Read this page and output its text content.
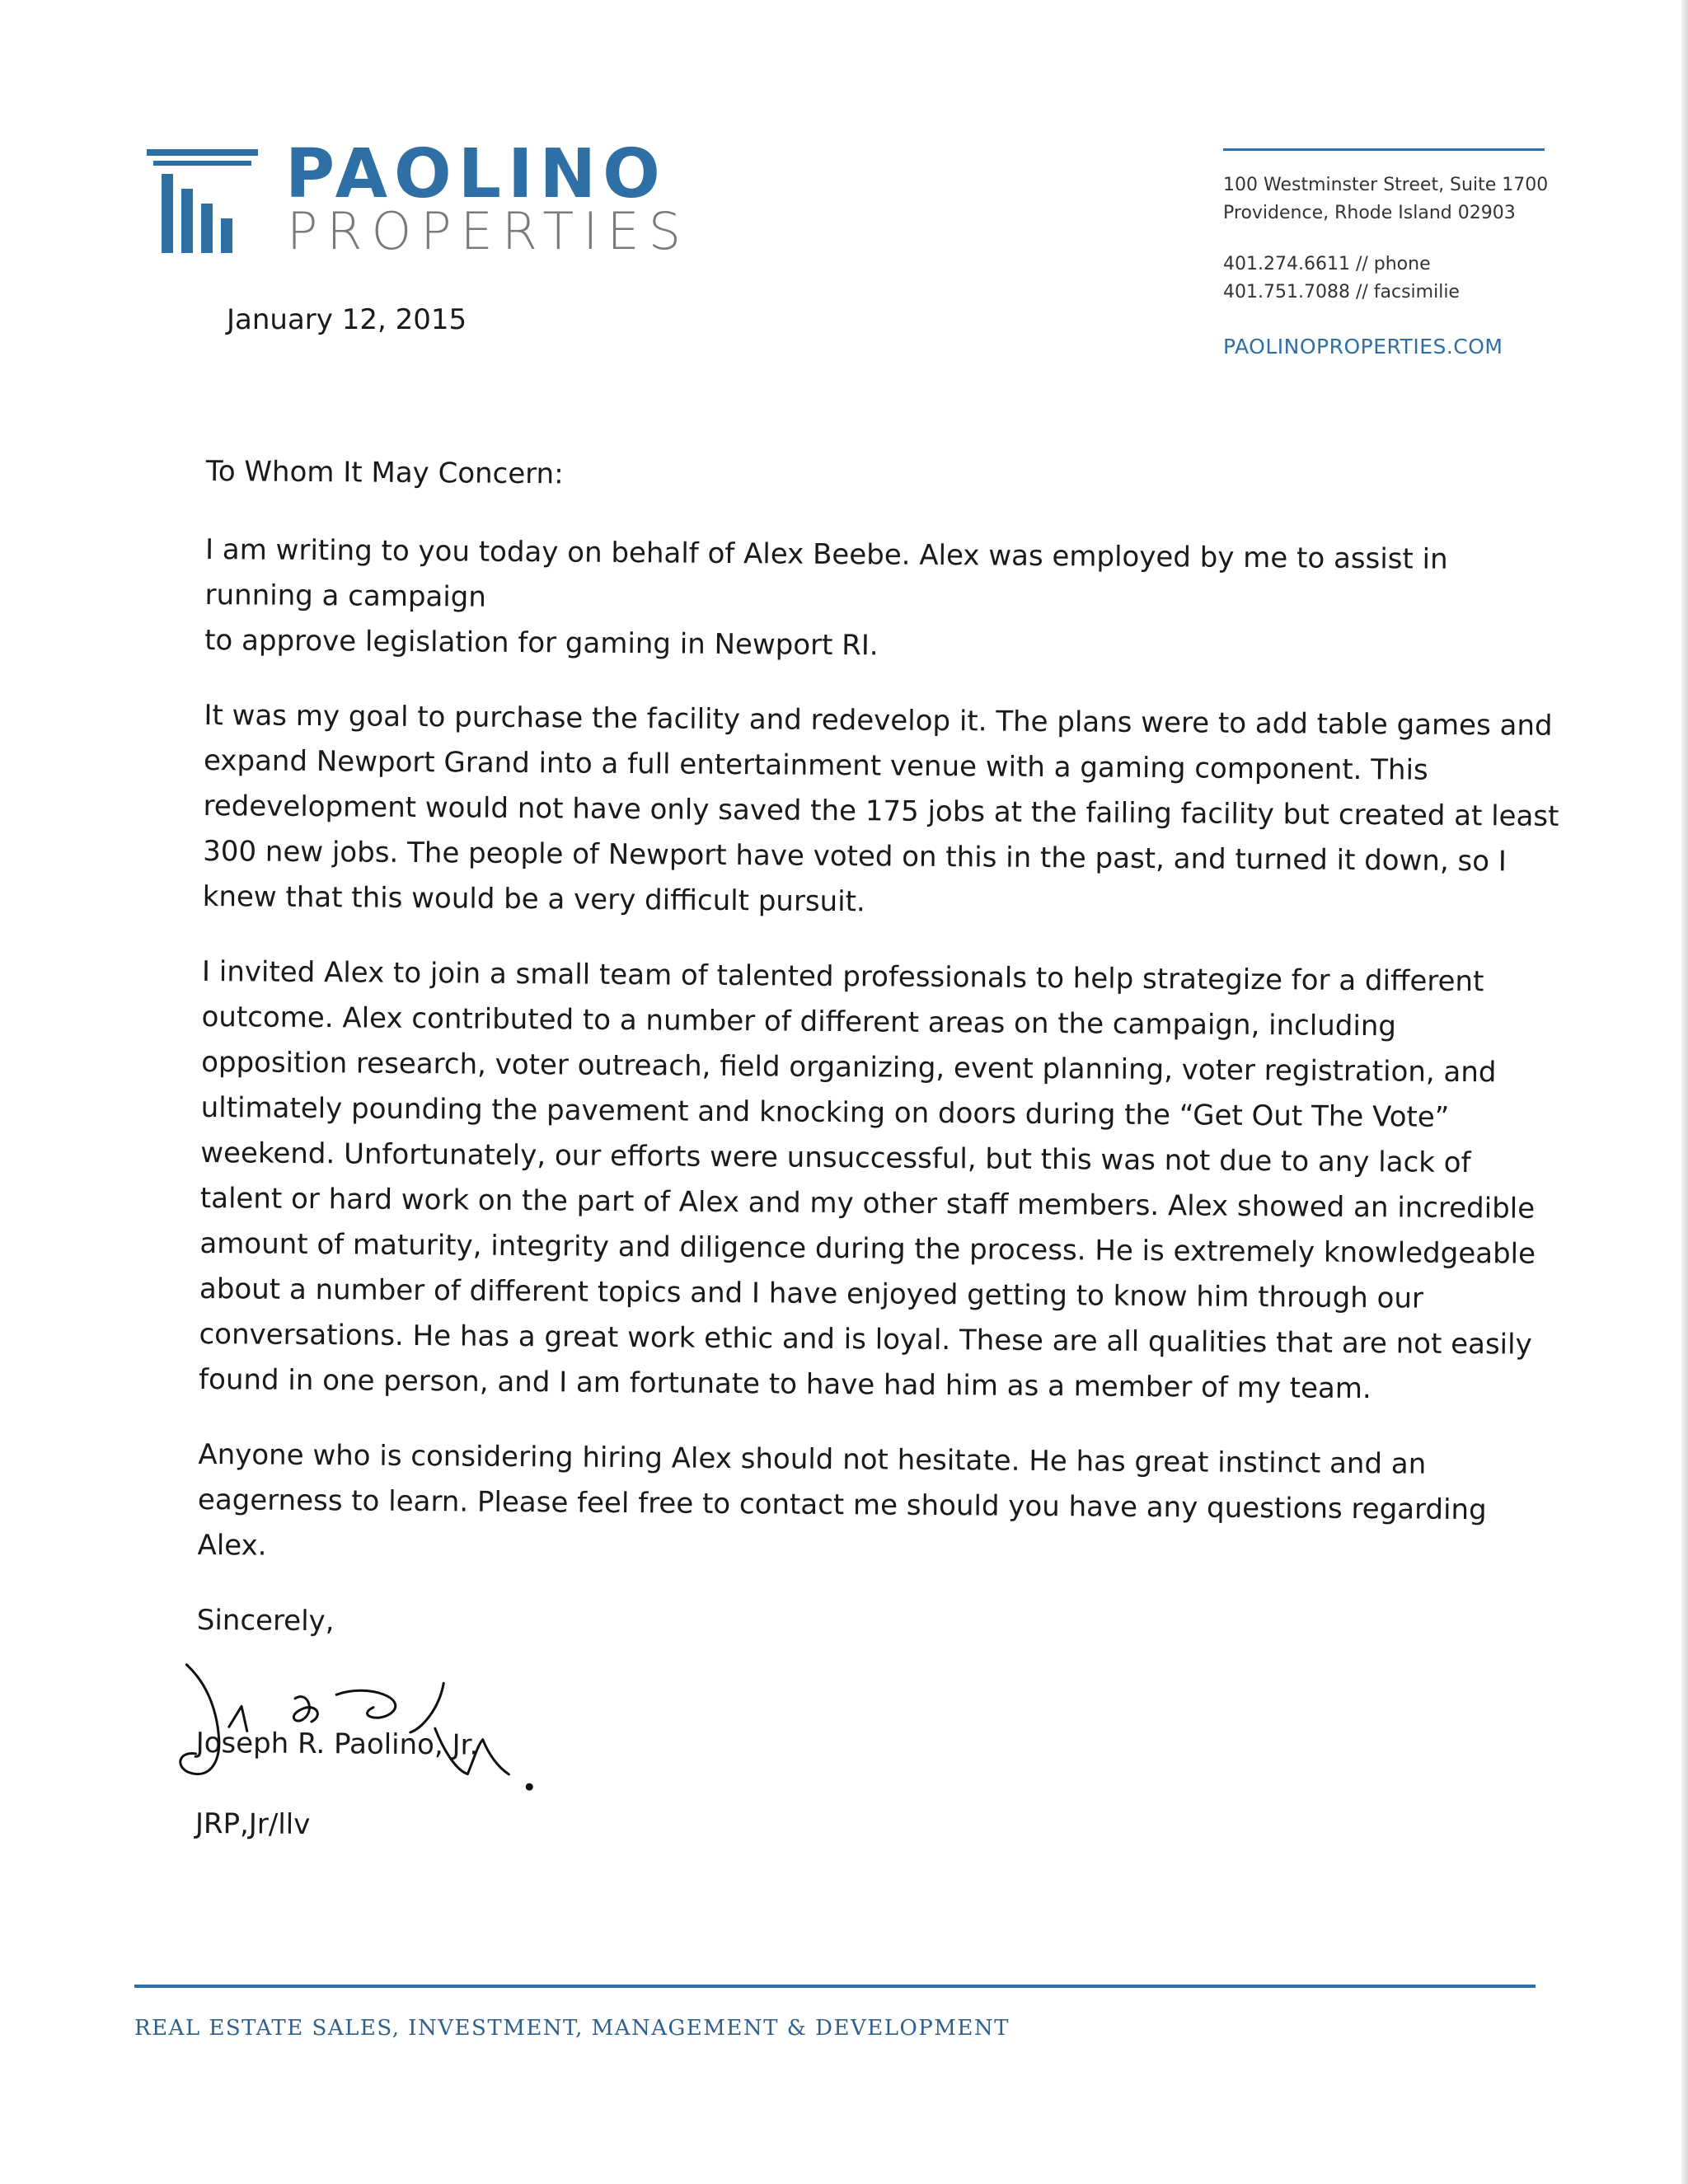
PAOLINO
PROPERTIES
100 Westminster Street, Suite 1700
Providence, Rhode Island 02903
401.274.6611 // phone
401.751.7088 // facsimilie
PAOLINOPROPERTIES.COM
January 12, 2015
To Whom It May Concern:
I am writing to you today on behalf of Alex Beebe. Alex was employed by me to assist in
running a campaign
to approve legislation for gaming in Newport RI.
It was my goal to purchase the facility and redevelop it. The plans were to add table games and
expand Newport Grand into a full entertainment venue with a gaming component. This
redevelopment would not have only saved the 175 jobs at the failing facility but created at least
300 new jobs. The people of Newport have voted on this in the past, and turned it down, so I
knew that this would be a very difficult pursuit.
I invited Alex to join a small team of talented professionals to help strategize for a different
outcome. Alex contributed to a number of different areas on the campaign, including
opposition research, voter outreach, field organizing, event planning, voter registration, and
ultimately pounding the pavement and knocking on doors during the “Get Out The Vote”
weekend. Unfortunately, our efforts were unsuccessful, but this was not due to any lack of
talent or hard work on the part of Alex and my other staff members. Alex showed an incredible
amount of maturity, integrity and diligence during the process. He is extremely knowledgeable
about a number of different topics and I have enjoyed getting to know him through our
conversations. He has a great work ethic and is loyal. These are all qualities that are not easily
found in one person, and I am fortunate to have had him as a member of my team.
Anyone who is considering hiring Alex should not hesitate. He has great instinct and an
eagerness to learn. Please feel free to contact me should you have any questions regarding
Alex.
Sincerely,
Joseph R. Paolino, Jr.
JRP,Jr/llv
REAL ESTATE SALES, INVESTMENT, MANAGEMENT & DEVELOPMENT
